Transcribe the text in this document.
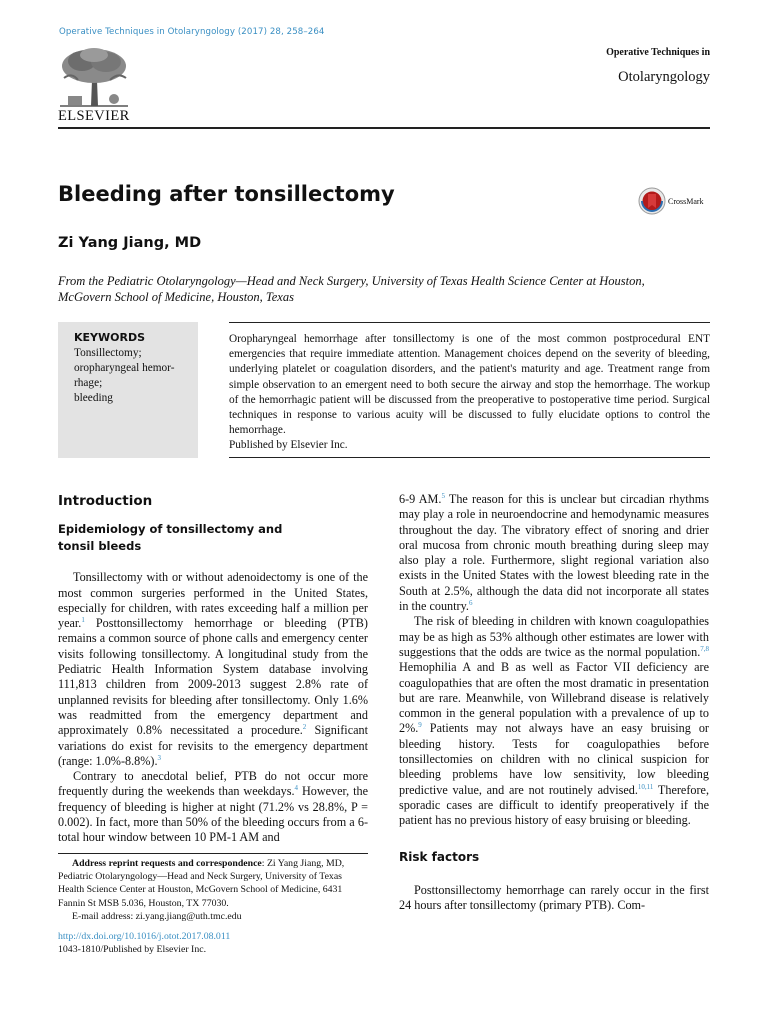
Operative Techniques in Otolaryngology (2017) 28, 258–264
ELSEVIER
Operative Techniques in
Otolaryngology
Bleeding after tonsillectomy	CrossMark
Zi Yang Jiang, MD
From the Pediatric Otolaryngology—Head and Neck Surgery, University of Texas Health Science Center at Houston, McGovern School of Medicine, Houston, Texas
KEYWORDS
Tonsillectomy;
oropharyngeal hemor-
rhage;
bleeding
Oropharyngeal hemorrhage after tonsillectomy is one of the most common postprocedural ENT emergencies that require immediate attention. Management choices depend on the severity of bleeding, underlying platelet or coagulation disorders, and the patient's maturity and age. Treatment range from simple observation to an emergent need to both secure the airway and stop the hemorrhage. The workup of the hemorrhagic patient will be discussed from the preoperative to postoperative time period. Surgical techniques in response to various acuity will be discussed to fully elucidate options to control the hemorrhage.
Published by Elsevier Inc.
Introduction
Epidemiology of tonsillectomy and tonsil bleeds

Tonsillectomy with or without adenoidectomy is one of the most common surgeries performed in the United States, especially for children, with rates exceeding half a million per year.$^1$ Posttonsillectomy hemorrhage or bleeding (PTB) remains a common source of phone calls and emergency center visits following tonsillectomy. A longitudinal study from the Pediatric Health Information System database involving 111,813 children from 2009-2013 suggest 2.8% rate of unplanned revisits for bleeding after tonsillectomy. Only 1.6% was readmitted from the emergency department and approximately 0.8% necessitated a procedure.$^2$ Significant variations do exist for revisits to the emergency department (range: 1.0%-8.8%).$^3$

Contrary to anecdotal belief, PTB do not occur more frequently during the weekends than weekdays.$^4$ However, the frequency of bleeding is higher at night (71.2% vs 28.8%, P = 0.002). In fact, more than 50% of the bleeding occurs from a 6-total hour window between 10 PM-1 AM and

6-9 AM.$^5$ The reason for this is unclear but circadian rhythms may play a role in neuroendocrine and hemodynamic measures throughout the day. The vibratory effect of snoring and drier oral mucosa from chronic mouth breathing during sleep may also play a role. Furthermore, slight regional variation also exists in the United States with the lowest bleeding rate in the South at 2.5%, although the data did not incorporate all states in the country.$^6$

The risk of bleeding in children with known coagulopathies may be as high as 53% although other estimates are lower with suggestions that the odds are twice as the normal population.$^{7,8}$ Hemophilia A and B as well as Factor VII deficiency are coagulopathies that are often the most dramatic in presentation but are rare. Meanwhile, von Willebrand disease is relatively common in the general population with a prevalence of up to 2%.$^9$ Patients may not always have an easy bruising or bleeding history. Tests for coagulopathies before tonsillectomies on children with no clinical suspicion for bleeding problems have low sensitivity, low bleeding predictive value, and are not routinely advised.$^{10,11}$ Therefore, sporadic cases are difficult to identify preoperatively if the patient has no previous history of easy bruising or bleeding.

Risk factors

Posttonsillectomy hemorrhage can rarely occur in the first 24 hours after tonsillectomy (primary PTB). Com-

Address reprint requests and correspondence: Zi Yang Jiang, MD, Pediatric Otolaryngology—Head and Neck Surgery, University of Texas Health Science Center at Houston, McGovern School of Medicine, 6431 Fannin St MSB 5.036, Houston, TX 77030.
E-mail address: zi.yang.jiang@uth.tmc.edu
http://dx.doi.org/10.1016/j.otot.2017.08.011
1043-1810/Published by Elsevier Inc.
